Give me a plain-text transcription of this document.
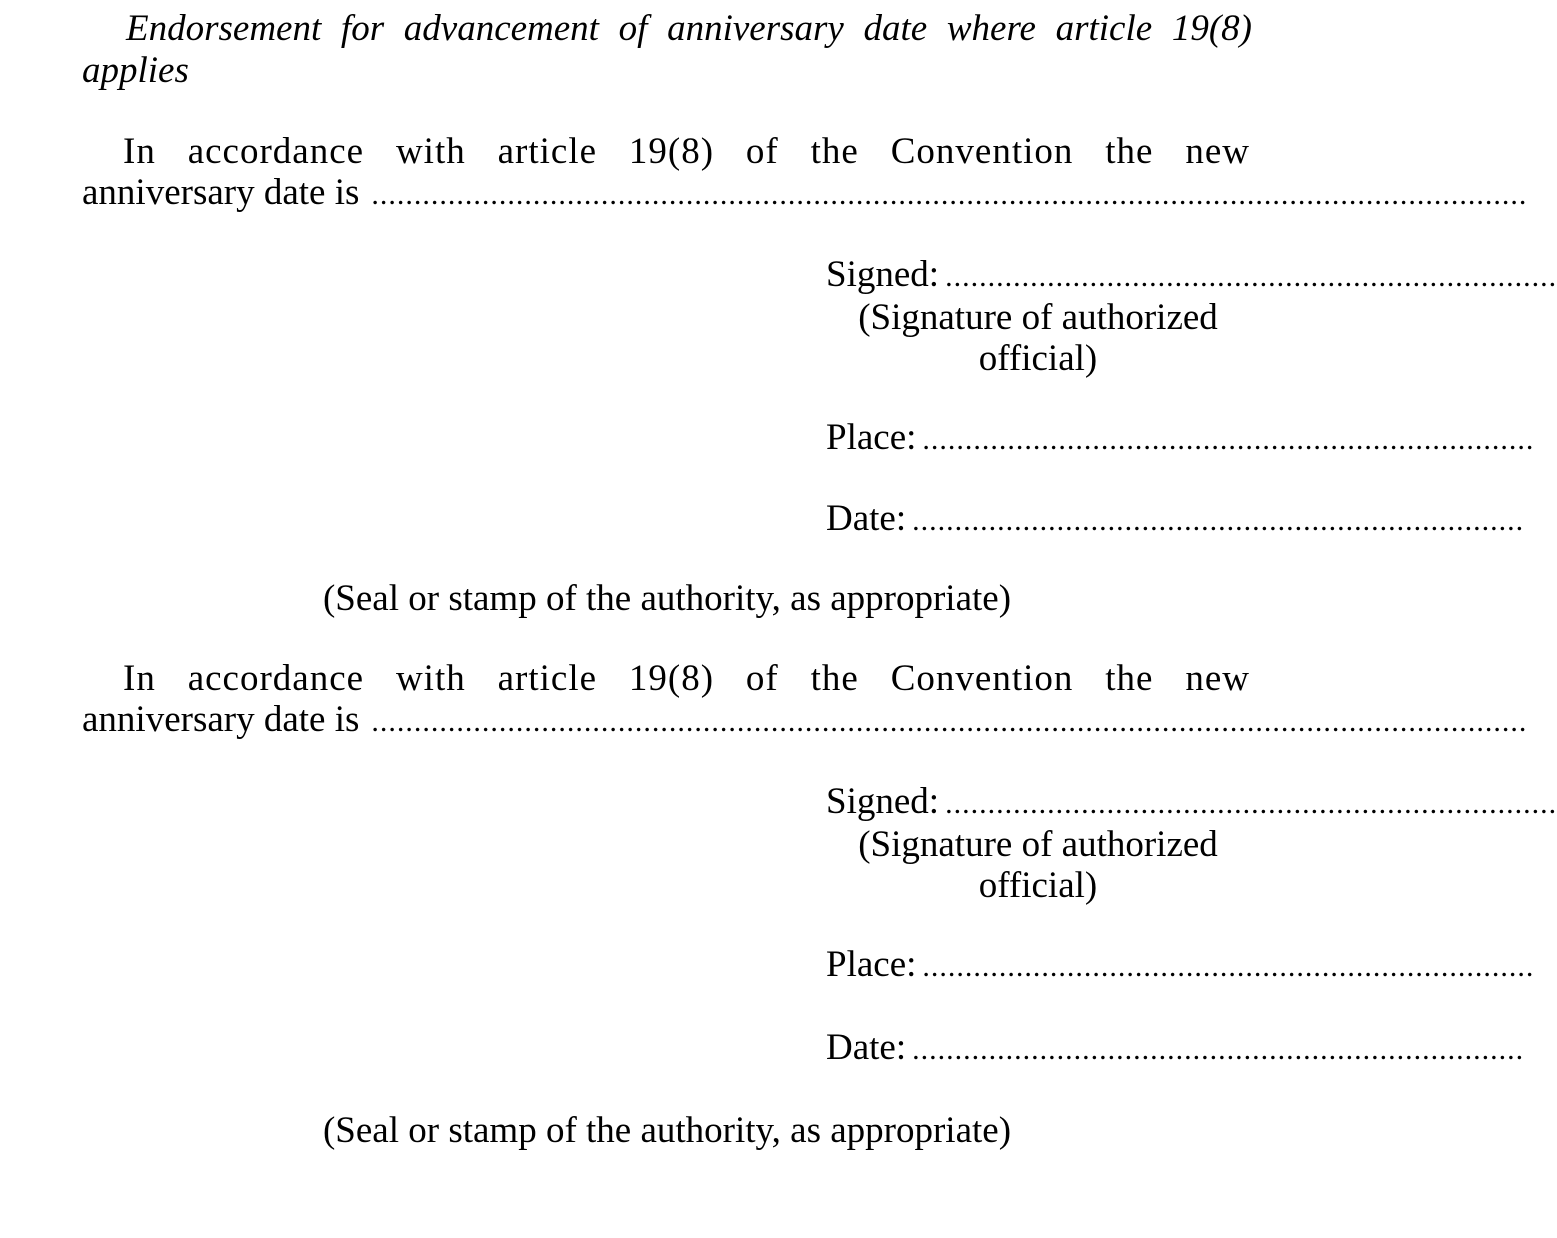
Endorsement for advancement of anniversary date where article 19(8) applies
In accordance with article 19(8) of the Convention the new
anniversary date is ........................................................................................................................................
Signed: ........................................................................
(Signature of authorized
official)
Place: ........................................................................
Date: ........................................................................
(Seal or stamp of the authority, as appropriate)
In accordance with article 19(8) of the Convention the new
anniversary date is ........................................................................................................................................
Signed: ........................................................................
(Signature of authorized
official)
Place: ........................................................................
Date: ........................................................................
(Seal or stamp of the authority, as appropriate)
